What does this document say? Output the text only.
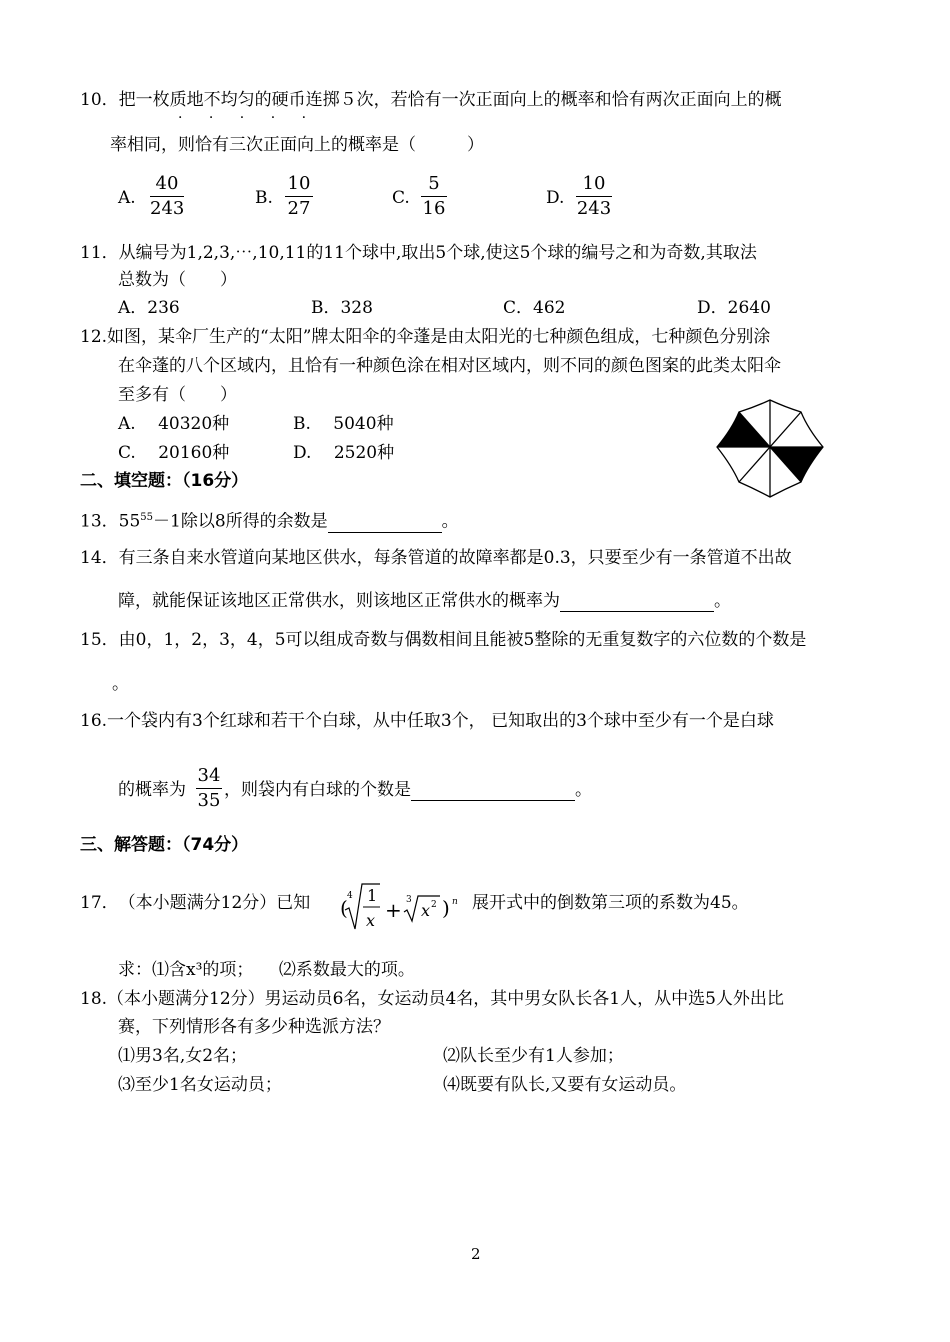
10．把一枚质地不均匀的硬币连掷５次，若恰有一次正面向上的概率和恰有两次正面向上的概
· · · · ·
率相同，则恰有三次正面向上的概率是（　　　）
A.
40
243	B.
10
27	C.
5
16	D.
10
243
11．从编号为1,2,3,⋯,10,11的11个球中,取出5个球,使这5个球的编号之和为奇数,其取法
总数为（　　）
A．236	B．328	C．462	D．2640
12.如图，某伞厂生产的“太阳”牌太阳伞的伞蓬是由太阳光的七种颜色组成，七种颜色分别涂
在伞蓬的八个区域内，且恰有一种颜色涂在相对区域内，则不同的颜色图案的此类太阳伞
至多有（　　）
A.　 40320种	B.　 5040种
C.　 20160种	D.　 2520种
二、填空题：（16分）
13．$55^{55}-1$除以8所得的余数是	。
14．有三条自来水管道向某地区供水，每条管道的故障率都是0.3，只要至少有一条管道不出故
障，就能保证该地区正常供水，则该地区正常供水的概率为	。
15．由0，1，2，3，4，5可以组成奇数与偶数相间且能被5整除的无重复数字的六位数的个数是
。
16.一个袋内有3个红球和若干个白球，从中任取3个， 已知取出的3个球中至少有一个是白球
的概率为
34
35 ，则袋内有白球的个数是	。
三、解答题：（74分）
17．　（本小题满分12分）已知 ( 4 1
x + 3
x 2 ) n 展开式中的倒数第三项的系数为45。
求：⑴含x³的项；　　⑵系数最大的项。
18.（本小题满分12分）男运动员6名，女运动员4名，其中男女队长各1人，从中选5人外出比
赛，下列情形各有多少种选派方法？
⑴男3名,女2名；	⑵队长至少有1人参加；
⑶至少1名女运动员；	⑷既要有队长,又要有女运动员。
2
